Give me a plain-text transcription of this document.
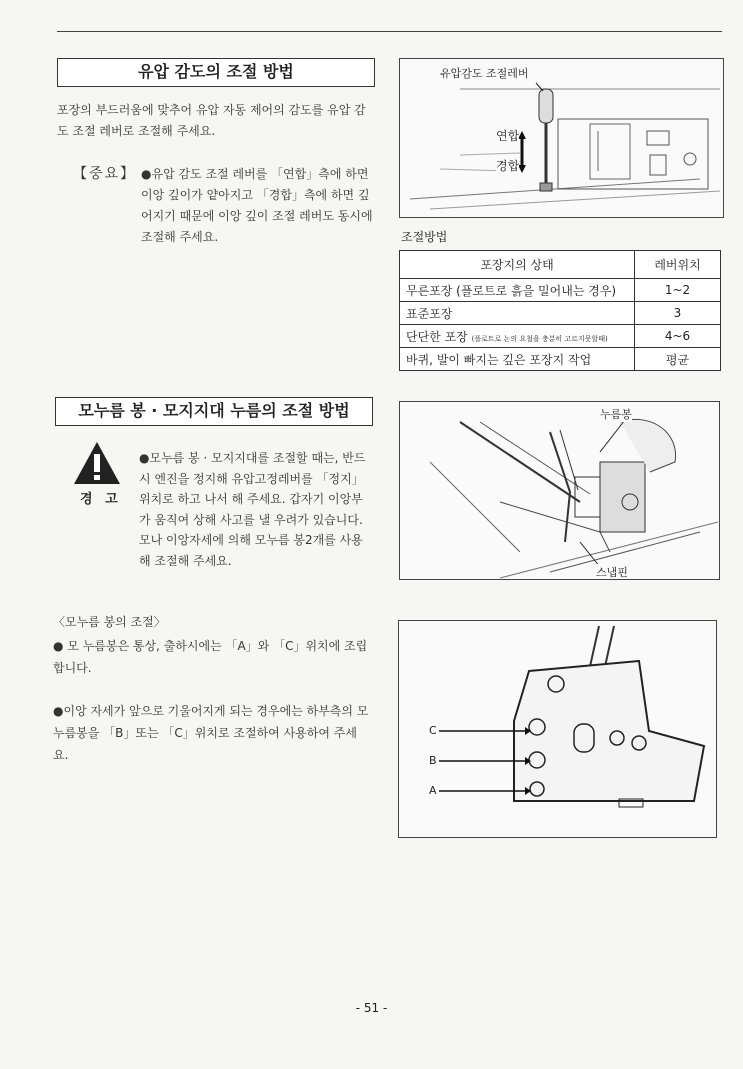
유압 감도의 조절 방법
포장의 부드러움에 맞추어 유압 자동 제어의 감도를 유압 감도 조절 레버로 조절해 주세요.
【중요】 ●유압 감도 조절 레버를 「연합」측에 하면 이앙 깊이가 얕아지고 「경합」측에 하면 깊어지기 때문에 이앙 깊이 조절 레버도 동시에 조절해 주세요.
유압감도 조절레버
연합
경합
조절방법
포장지의 상태	레버위치
무른포장 (플로트로 흙을 밀어내는 경우)	1~2
표준포장	3
단단한 포장 (플로트로 논의 요철을 충분히 고르지못할때)	4~6
바퀴, 발이 빠지는 깊은 포장지 작업	평균
모누름 봉 · 모지지대 누름의 조절 방법
경 고
●모누름 봉 · 모지지대를 조절할 때는, 반드시 엔진을 정지해 유압고정레버를 「정지」위치로 하고 나서 해 주세요. 갑자기 이앙부가 움직여 상해 사고를 낼 우려가 있습니다.모나 이앙자세에 의해 모누름 봉2개를 사용해 조절해 주세요.
〈모누름 봉의 조절〉
● 모 누름봉은 통상, 출하시에는 「A」와 「C」위치에 조립 합니다.
●이앙 자세가 앞으로 기울어지게 되는 경우에는 하부측의 모 누름봉을 「B」또는 「C」위치로 조절하여 사용하여 주세요.
누름봉
스냅핀
C
B
A
- 51 -
